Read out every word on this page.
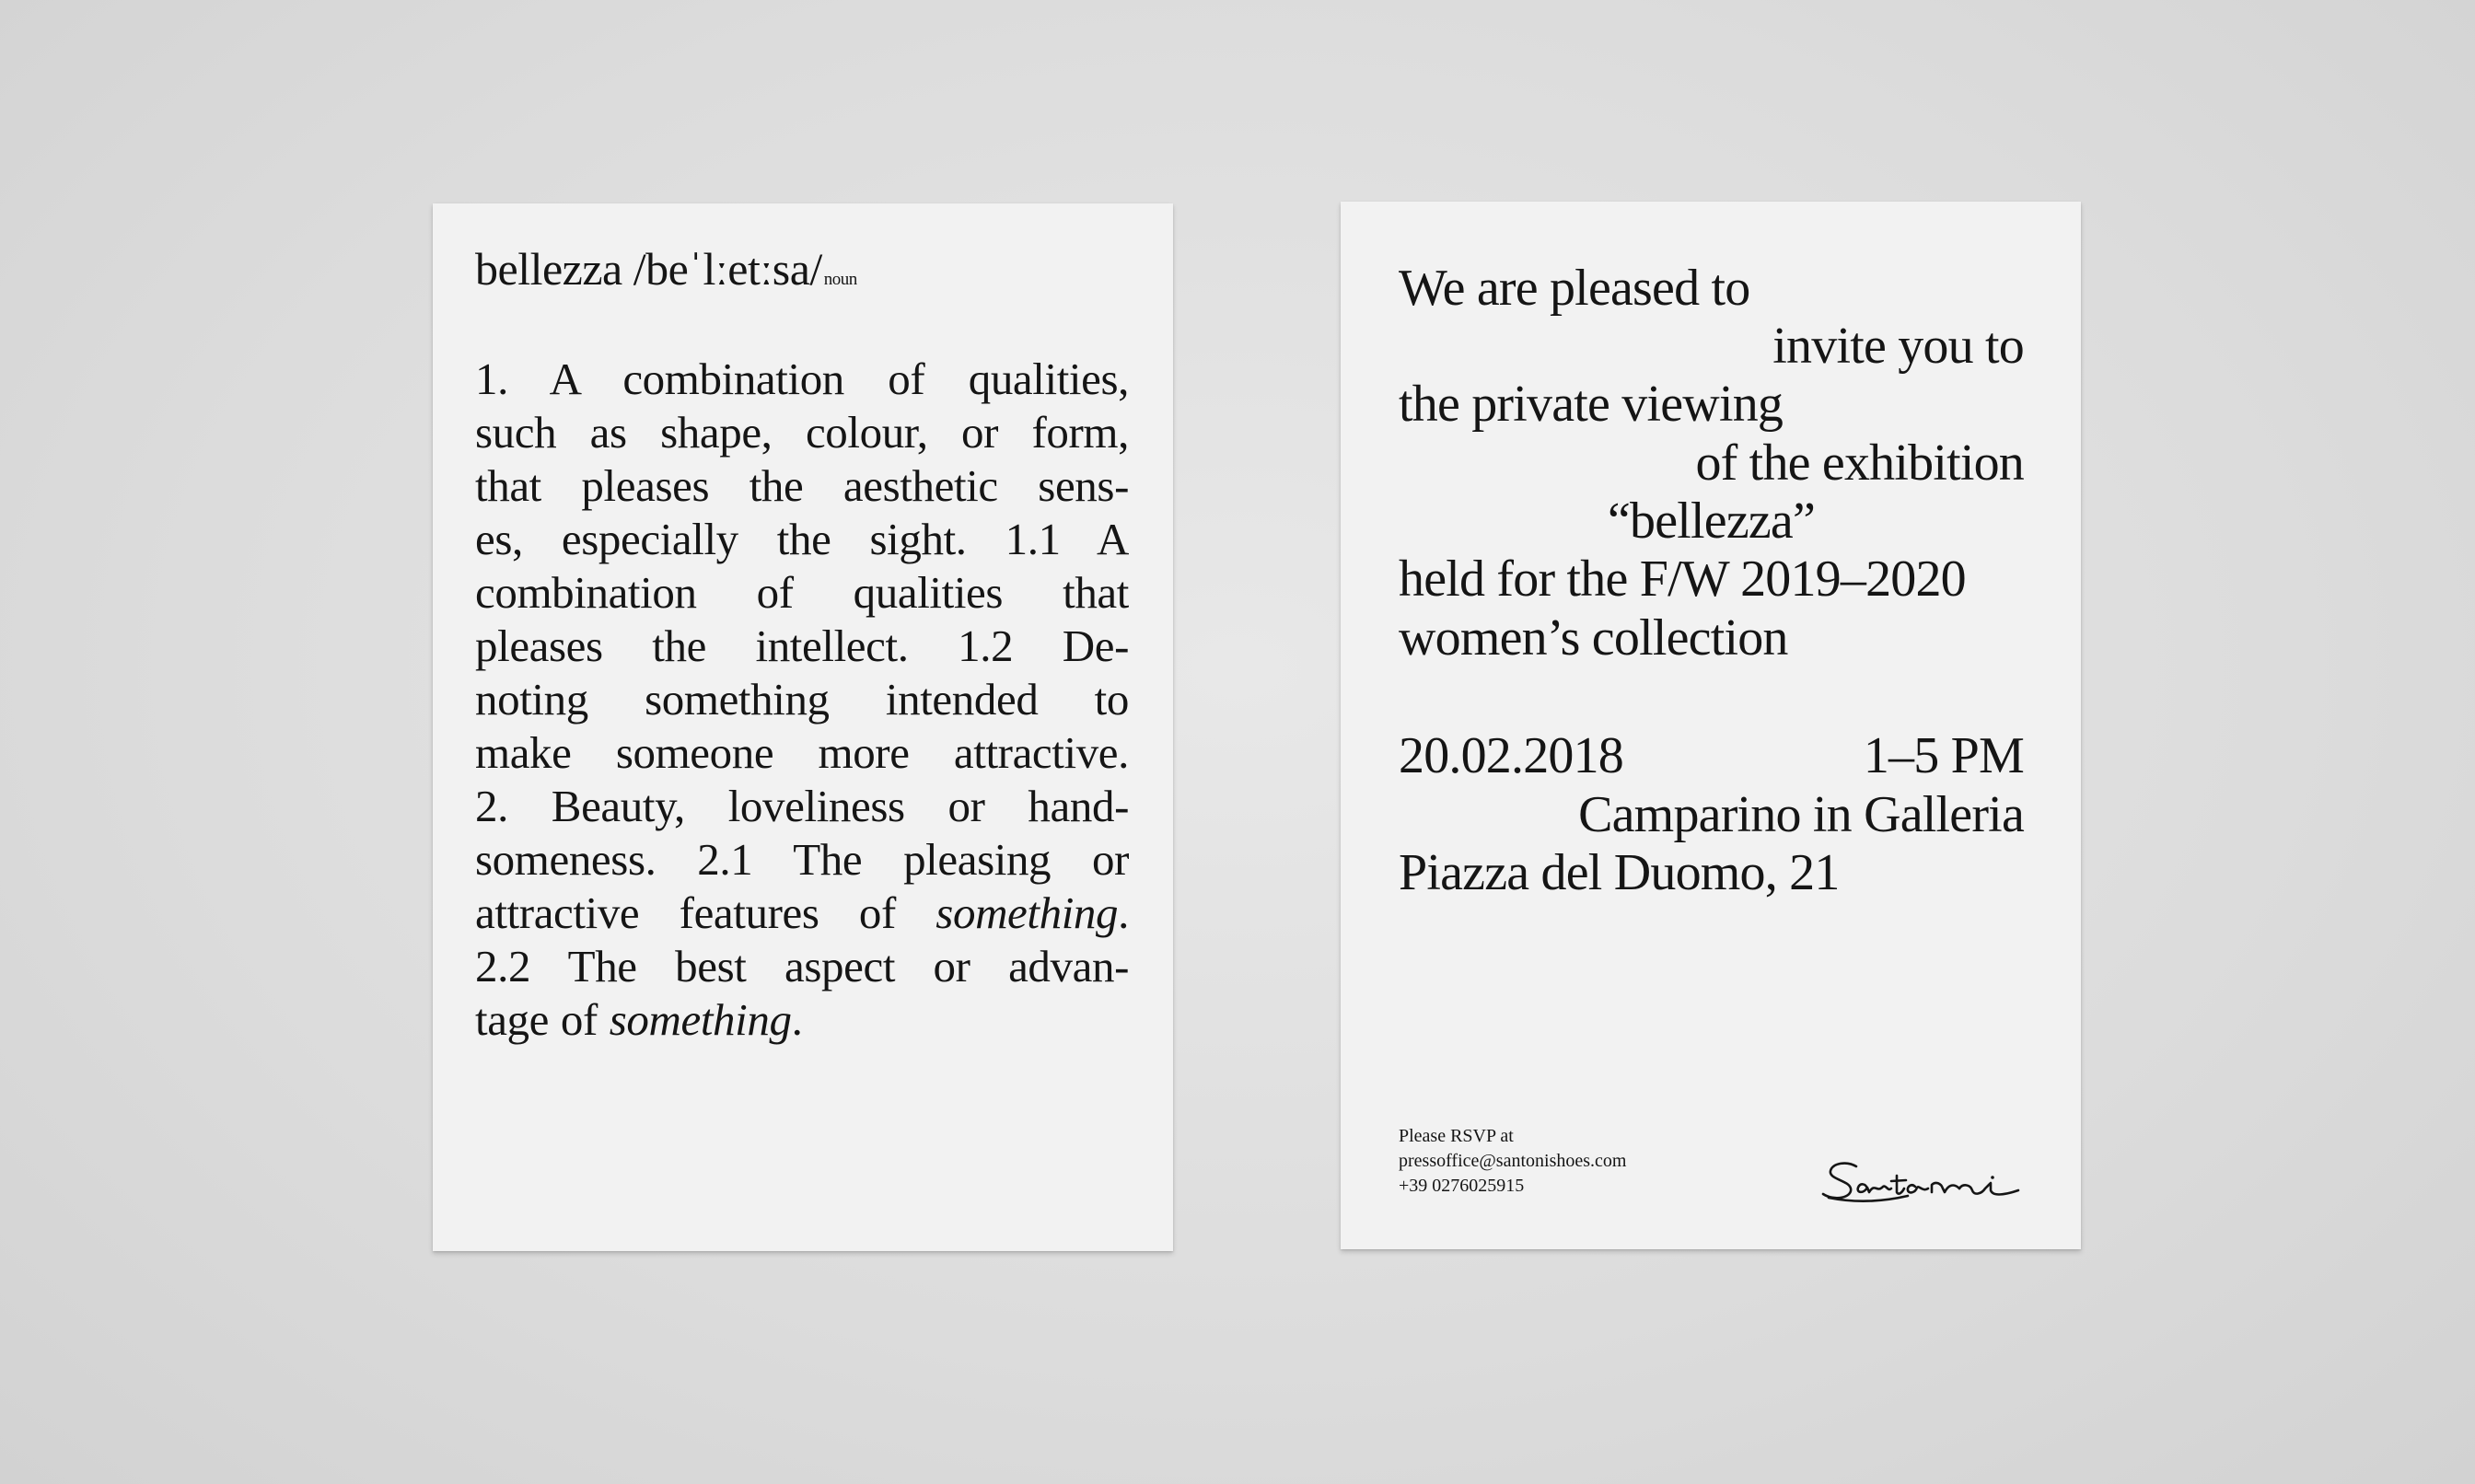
bellezza /beˈlːetːsa/ noun
1. A combination of qualities,
such as shape, colour, or form,
that pleases the aesthetic sens-
es, especially the sight. 1.1 A
combination of qualities that
pleases the intellect. 1.2 De-
noting something intended to
make someone more attractive.
2. Beauty, loveliness or hand-
someness. 2.1 The pleasing or
attractive features of something.
2.2 The best aspect or advan-
tage of something.
We are pleased to
invite you to
the private viewing
of the exhibition
“bellezza”
held for the F/W 2019–2020
women’s collection
20.02.2018	1–5 PM
Camparino in Galleria
Piazza del Duomo, 21
Please RSVP at
pressoffice@santonishoes.com
+39 0276025915
